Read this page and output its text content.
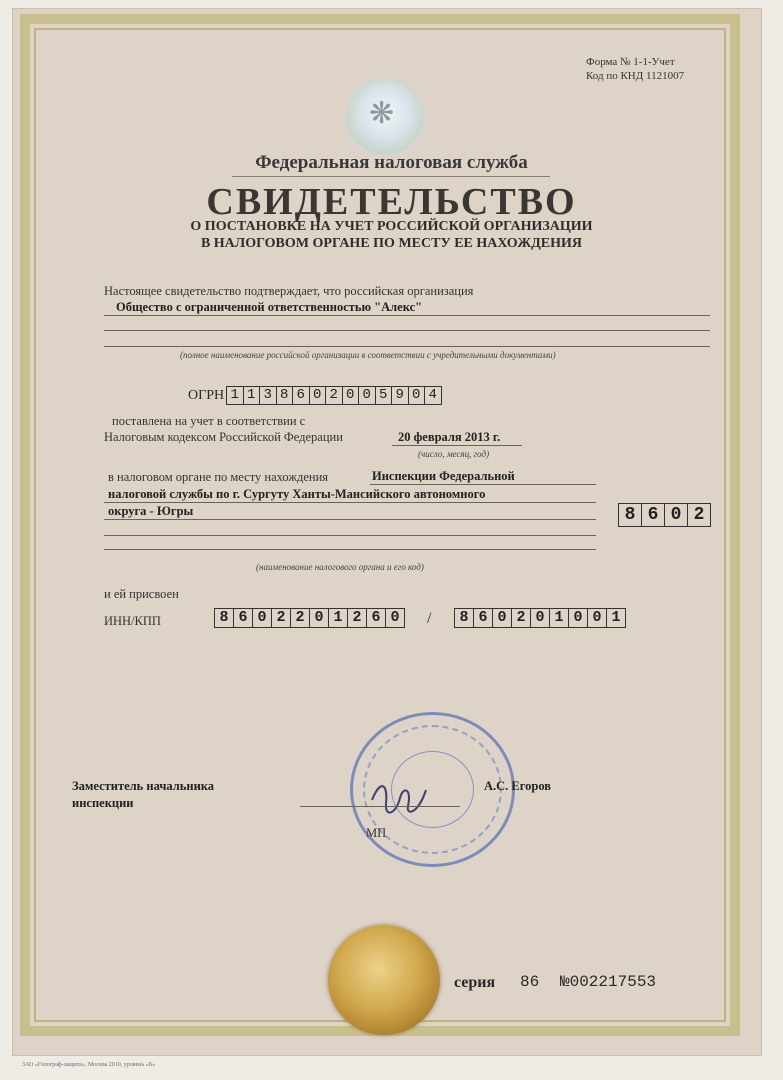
❋
Форма № 1-1-Учет
Код по КНД 1121007
Федеральная налоговая служба
СВИДЕТЕЛЬСТВО
О ПОСТАНОВКЕ НА УЧЕТ РОССИЙСКОЙ ОРГАНИЗАЦИИ
В НАЛОГОВОМ ОРГАНЕ ПО МЕСТУ ЕЕ НАХОЖДЕНИЯ
Настоящее свидетельство подтверждает, что российская организация
Общество с ограниченной ответственностью "Алекс"
(полное наименование российской организации в соответствии с учредительными документами)
ОГРН 1 1 3 8 6 0 2 0 0 5 9 0 4
поставлена на учет в соответствии с
Налоговым кодексом Российской Федерации	20 февраля 2013 г.
(число, месяц, год)
в налоговом органе по месту нахождения	Инспекции Федеральной
налоговой службы по г. Сургуту Ханты-Мансийского автономного
округа - Югры	8 6 0 2
(наименование налогового органа и его код)
и ей присвоен
ИНН/КПП	8 6 0 2 2 0 1 2 6 0 / 8 6 0 2 0 1 0 0 1
Заместитель начальника
инспекции
А.С. Егоров
МП
серия 86 №002217553
ЗАО «Голограф-защита», Москва 2010, уровень «Б»
